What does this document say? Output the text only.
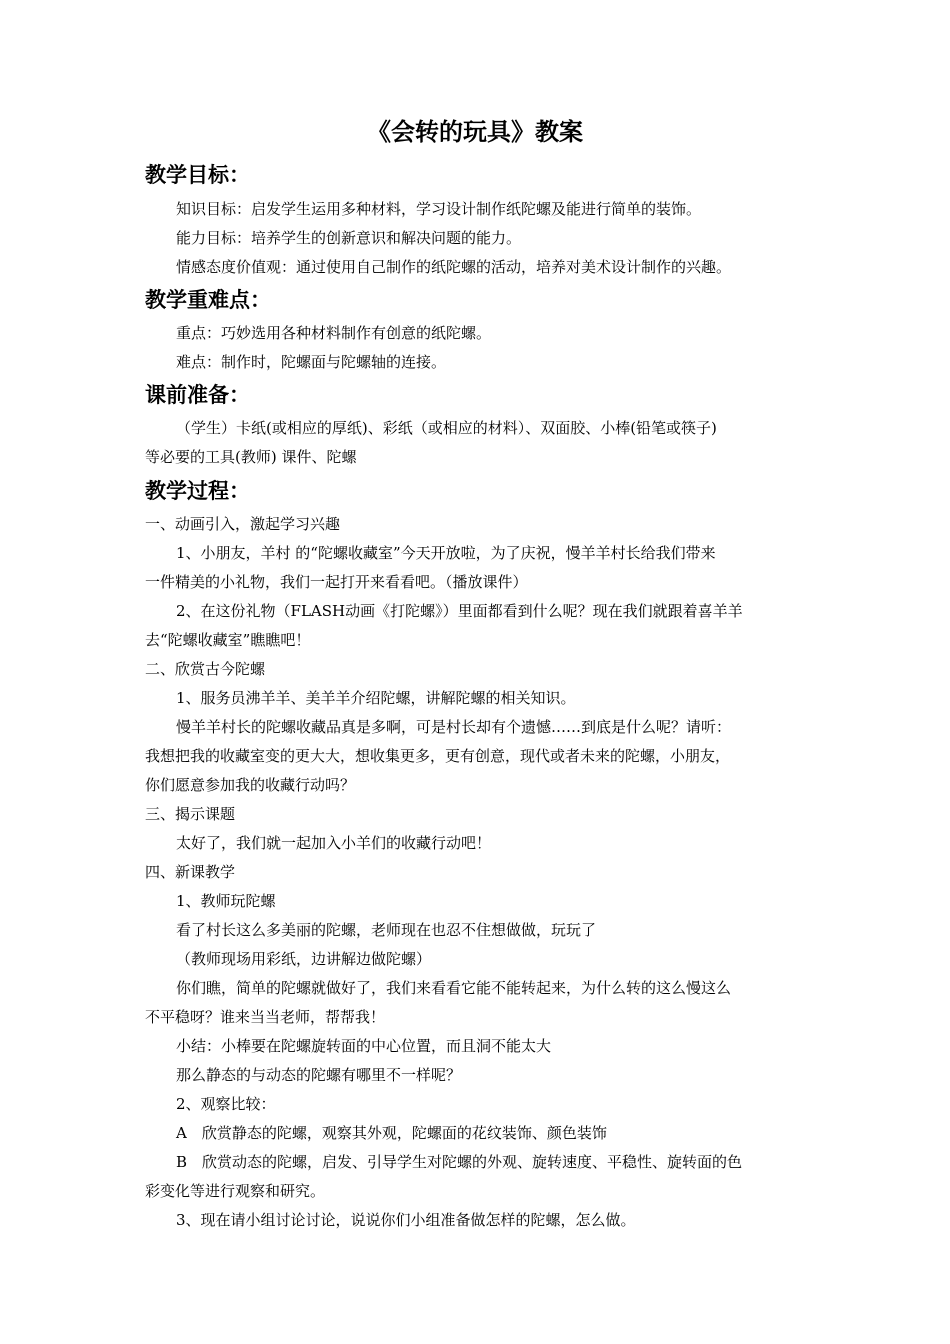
《会转的玩具》教案
教学目标：
知识目标：启发学生运用多种材料，学习设计制作纸陀螺及能进行简单的装饰。
能力目标：培养学生的创新意识和解决问题的能力。
情感态度价值观：通过使用自己制作的纸陀螺的活动，培养对美术设计制作的兴趣。
教学重难点：
重点：巧妙选用各种材料制作有创意的纸陀螺。
难点：制作时，陀螺面与陀螺轴的连接。
课前准备：
（学生）卡纸(或相应的厚纸)、彩纸（或相应的材料）、双面胶、小棒(铅笔或筷子)
等必要的工具(教师) 课件、陀螺
教学过程：
一、动画引入，激起学习兴趣
1、小朋友，羊村 的“陀螺收藏室”今天开放啦，为了庆祝，慢羊羊村长给我们带来
一件精美的小礼物，我们一起打开来看看吧。（播放课件）
2、在这份礼物（FLASH动画《打陀螺》）里面都看到什么呢？现在我们就跟着喜羊羊
去“陀螺收藏室”瞧瞧吧！
二、欣赏古今陀螺
1、服务员沸羊羊、美羊羊介绍陀螺，讲解陀螺的相关知识。
慢羊羊村长的陀螺收藏品真是多啊，可是村长却有个遗憾……到底是什么呢？请听：
我想把我的收藏室变的更大大，想收集更多，更有创意，现代或者未来的陀螺，小朋友，
你们愿意参加我的收藏行动吗？
三、揭示课题
太好了，我们就一起加入小羊们的收藏行动吧！
四、新课教学
1、教师玩陀螺
看了村长这么多美丽的陀螺，老师现在也忍不住想做做，玩玩了
（教师现场用彩纸，边讲解边做陀螺）
你们瞧，简单的陀螺就做好了，我们来看看它能不能转起来，为什么转的这么慢这么
不平稳呀？谁来当当老师，帮帮我！
小结：小棒要在陀螺旋转面的中心位置，而且洞不能太大
那么静态的与动态的陀螺有哪里不一样呢？
2、观察比较：
A　欣赏静态的陀螺，观察其外观，陀螺面的花纹装饰、颜色装饰
B　欣赏动态的陀螺，启发、引导学生对陀螺的外观、旋转速度、平稳性、旋转面的色
彩变化等进行观察和研究。
3、现在请小组讨论讨论，说说你们小组准备做怎样的陀螺，怎么做。
